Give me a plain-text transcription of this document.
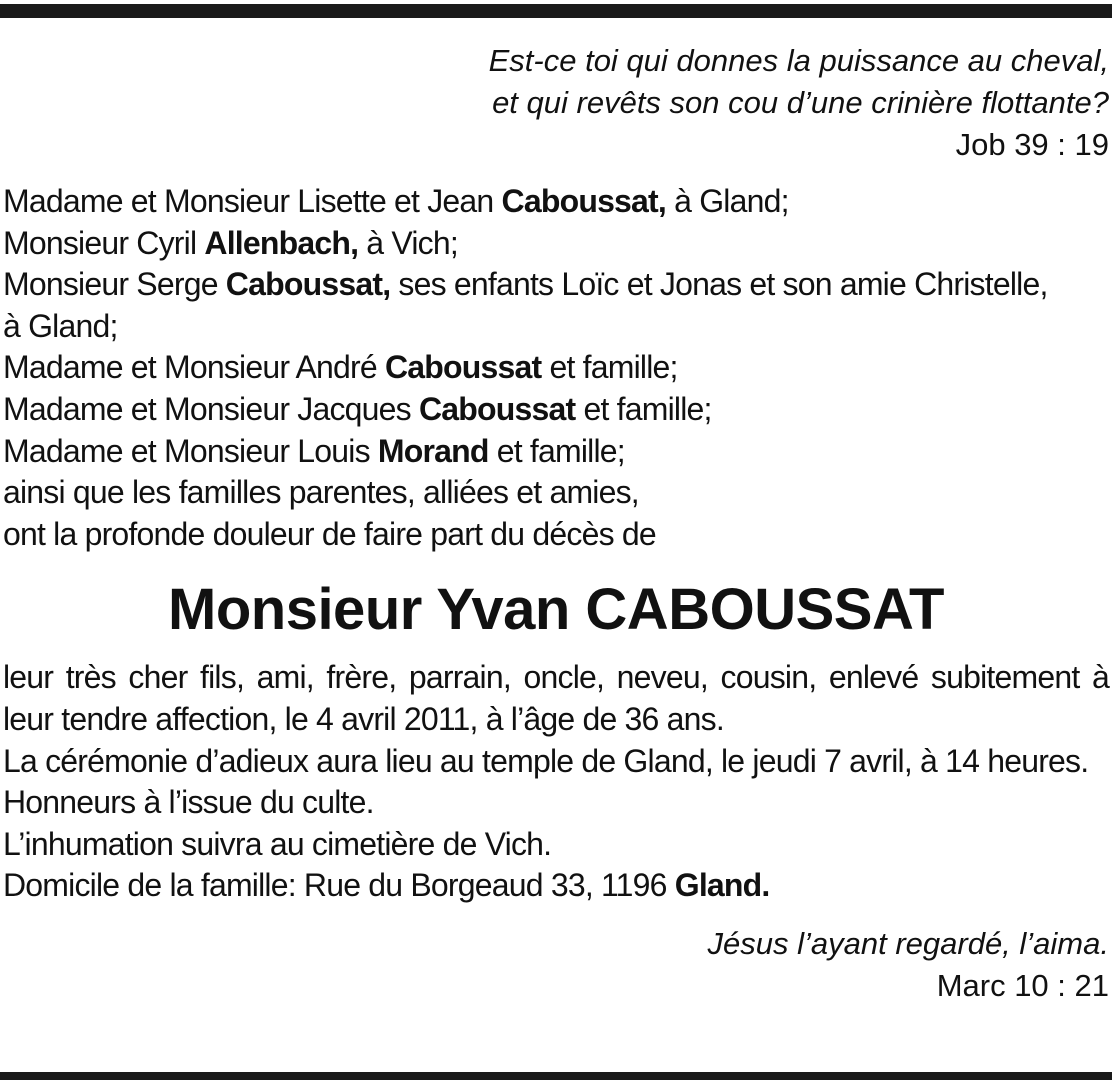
Est-ce toi qui donnes la puissance au cheval,
et qui revêts son cou d’une crinière flottante?
Job 39 : 19
Madame et Monsieur Lisette et Jean Caboussat, à Gland;
Monsieur Cyril Allenbach, à Vich;
Monsieur Serge Caboussat, ses enfants Loïc et Jonas et son amie Christelle,
à Gland;
Madame et Monsieur André Caboussat et famille;
Madame et Monsieur Jacques Caboussat et famille;
Madame et Monsieur Louis Morand et famille;
ainsi que les familles parentes, alliées et amies,
ont la profonde douleur de faire part du décès de
Monsieur Yvan CABOUSSAT
leur très cher fils, ami, frère, parrain, oncle, neveu, cousin, enlevé subitement à leur tendre affection, le 4 avril 2011, à l’âge de 36 ans.
La cérémonie d’adieux aura lieu au temple de Gland, le jeudi 7 avril, à 14 heures.
Honneurs à l’issue du culte.
L’inhumation suivra au cimetière de Vich.
Domicile de la famille: Rue du Borgeaud 33, 1196 Gland.
Jésus l’ayant regardé, l’aima.
Marc 10 : 21
